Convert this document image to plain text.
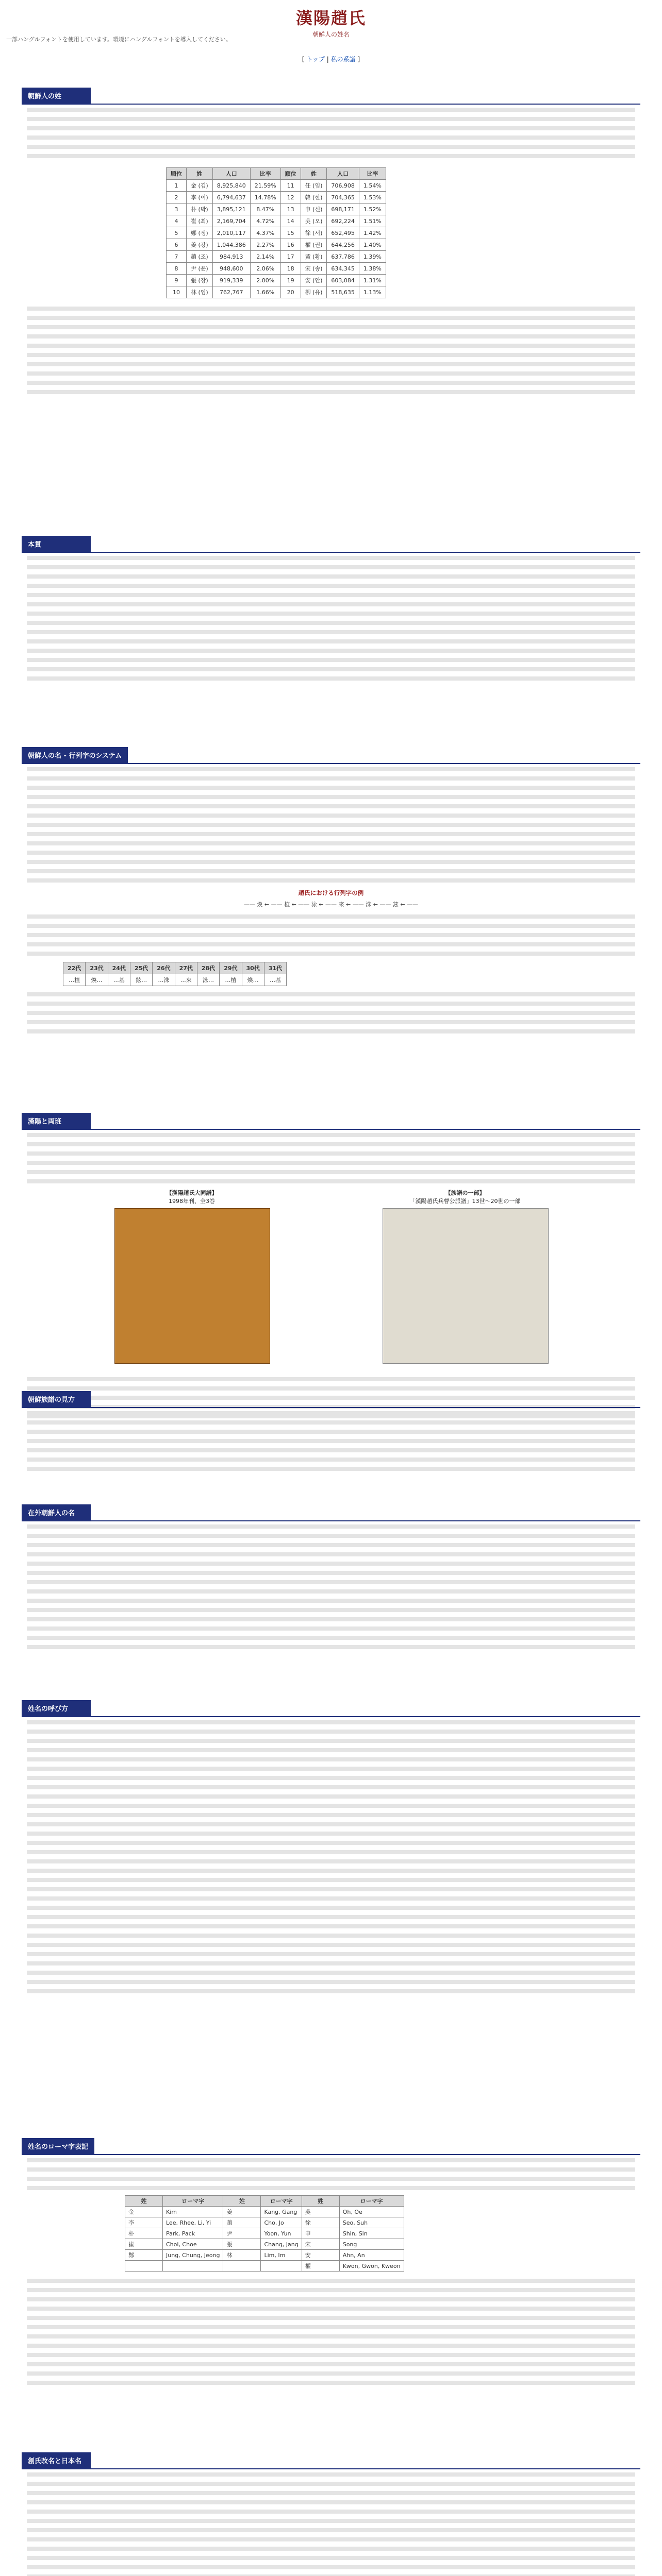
漢陽趙氏
朝鮮人の姓名
一部ハングルフォントを使用しています。環境にハングルフォントを導入してください。
[ トップ | 私の系譜 ]
朝鮮人の姓
順位	姓	人口	比率	順位	姓	人口	比率
1	金 (김)	8,925,840	21.59%	11	任 (임)	706,908	1.54%
2	李 (이)	6,794,637	14.78%	12	韓 (한)	704,365	1.53%
3	朴 (박)	3,895,121	8.47%	13	申 (신)	698,171	1.52%
4	崔 (최)	2,169,704	4.72%	14	吳 (오)	692,224	1.51%
5	鄭 (정)	2,010,117	4.37%	15	徐 (서)	652,495	1.42%
6	姜 (강)	1,044,386	2.27%	16	權 (권)	644,256	1.40%
7	趙 (조)	984,913	2.14%	17	黃 (황)	637,786	1.39%
8	尹 (윤)	948,600	2.06%	18	宋 (송)	634,345	1.38%
9	張 (장)	919,339	2.00%	19	安 (안)	603,084	1.31%
10	林 (임)	762,767	1.66%	20	柳 (유)	518,635	1.13%
本貫
朝鮮人の名 - 行列字のシステム
趙氏における行列字の例
—— 煥 ← —— 植 ← —— 泳 ← —— 來 ← —— 洙 ← —— 鉉 ← ——
22代	23代	24代	25代	26代	27代	28代	29代	30代	31代
…植	煥…	…基	鉉…	…洙	…來	泳…	…植	煥…	…基
漢陽と両班
【漢陽趙氏大同譜】
1998年刊、全3巻
【族譜の一部】
「漢陽趙氏兵曹公派譜」13世～20世の一部
朝鮮族譜の見方
在外朝鮮人の名
姓名の呼び方
姓名のローマ字表記
姓	ローマ字	姓	ローマ字	姓	ローマ字
金	Kim	姜	Kang, Gang	吳	Oh, Oe
李	Lee, Rhee, Li, Yi	趙	Cho, Jo	徐	Seo, Suh
朴	Park, Pack	尹	Yoon, Yun	申	Shin, Sin
崔	Choi, Choe	張	Chang, Jang	宋	Song
鄭	Jung, Chung, Jeong	林	Lim, Im	安	Ahn, An
				權	Kwon, Gwon, Kweon
創氏改名と日本名
